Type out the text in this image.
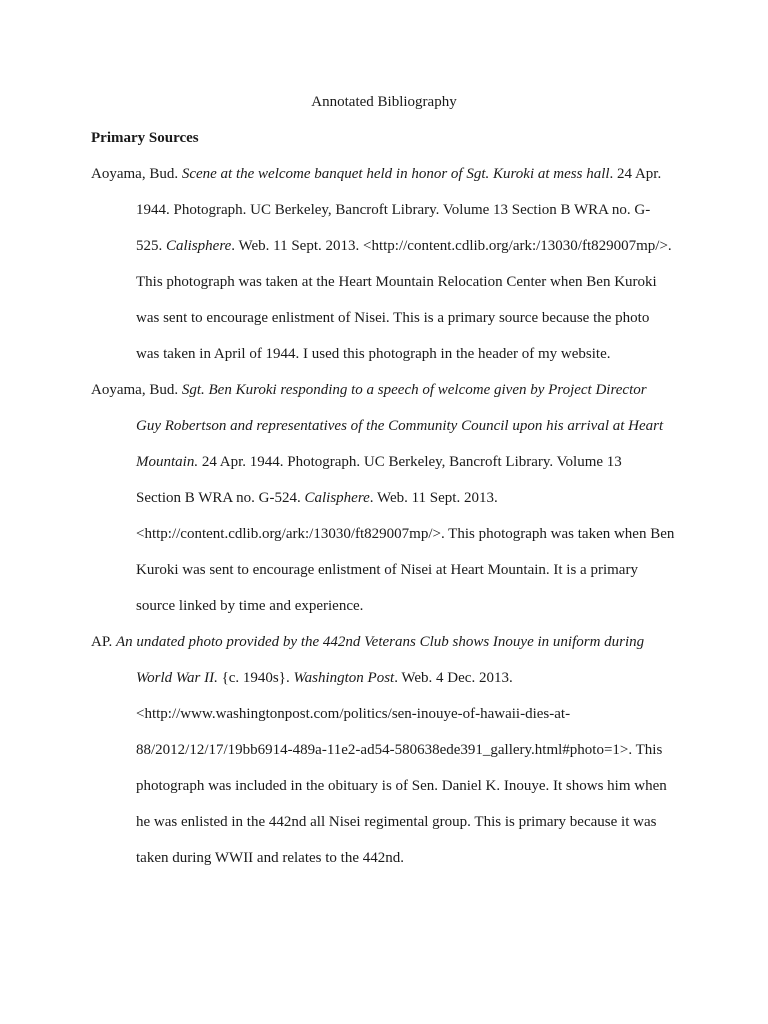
Annotated Bibliography
Primary Sources
Aoyama, Bud. Scene at the welcome banquet held in honor of Sgt. Kuroki at mess hall. 24 Apr.
1944. Photograph. UC Berkeley, Bancroft Library. Volume 13 Section B WRA no. G-
525. Calisphere. Web. 11 Sept. 2013. <http://content.cdlib.org/ark:/13030/ft829007mp/>.
This photograph was taken at the Heart Mountain Relocation Center when Ben Kuroki
was sent to encourage enlistment of Nisei. This is a primary source because the photo
was taken in April of 1944. I used this photograph in the header of my website.
Aoyama, Bud. Sgt. Ben Kuroki responding to a speech of welcome given by Project Director
Guy Robertson and representatives of the Community Council upon his arrival at Heart
Mountain. 24 Apr. 1944. Photograph. UC Berkeley, Bancroft Library. Volume 13
Section B WRA no. G-524. Calisphere. Web. 11 Sept. 2013.
<http://content.cdlib.org/ark:/13030/ft829007mp/>. This photograph was taken when Ben
Kuroki was sent to encourage enlistment of Nisei at Heart Mountain. It is a primary
source linked by time and experience.
AP. An undated photo provided by the 442nd Veterans Club shows Inouye in uniform during
World War II. {c. 1940s}. Washington Post. Web. 4 Dec. 2013.
<http://www.washingtonpost.com/politics/sen-inouye-of-hawaii-dies-at-
88/2012/12/17/19bb6914-489a-11e2-ad54-580638ede391_gallery.html#photo=1>. This
photograph was included in the obituary is of Sen. Daniel K. Inouye. It shows him when
he was enlisted in the 442nd all Nisei regimental group. This is primary because it was
taken during WWII and relates to the 442nd.
